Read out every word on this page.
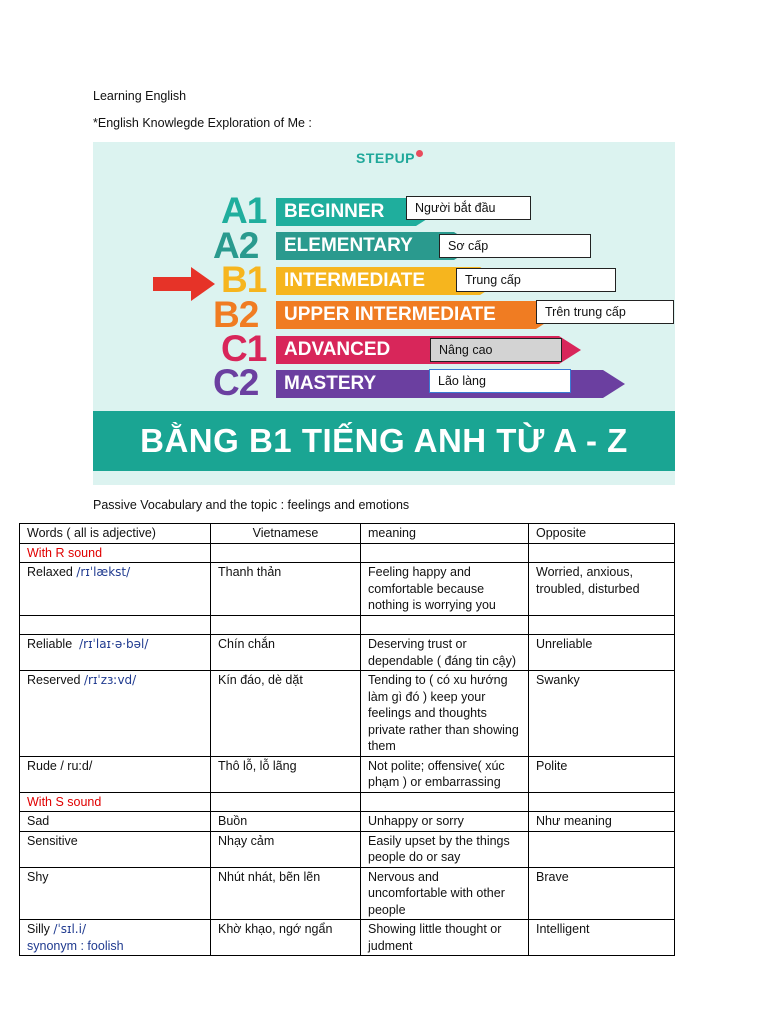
Learning English
*English Knowlegde Exploration of Me :
STEPUP
A1 BEGINNER	Người bắt đầu
A2	ELEMENTARY	Sơ cấp
B1 INTERMEDIATE	Trung cấp
B2	UPPER INTERMEDIATE	Trên trung cấp
C1 ADVANCED	Nâng cao
C2	MASTERY	Lão làng
BẰNG B1 TIẾNG ANH TỪ A - Z
Passive Vocabulary and the topic : feelings and emotions
Words ( all is adjective)	Vietnamese	meaning	Opposite
With R sound			
Relaxed /rɪˈlækst/	Thanh thản	Feeling happy and comfortable because nothing is worrying you	Worried, anxious, troubled, disturbed

Reliable /rɪˈlaɪ·ə·bəl/	Chín chắn	Deserving trust or dependable ( đáng tin cậy)	Unreliable
Reserved /rɪˈzɜːvd/	Kín đáo, dè dặt	Tending to ( có xu hướng làm gì đó ) keep your feelings and thoughts private rather than showing them	Swanky
Rude / ru:d/	Thô lỗ, lỗ lãng	Not polite; offensive( xúc phạm ) or embarrassing	Polite
With S sound			
Sad	Buồn	Unhappy or sorry	Như meaning
Sensitive	Nhạy cảm	Easily upset by the things people do or say	
Shy	Nhút nhát, bẽn lẽn	Nervous and uncomfortable with other people	Brave
Silly /ˈsɪl.i/
synonym : foolish	Khờ khạo, ngớ ngẩn	Showing little thought or judment	Intelligent
